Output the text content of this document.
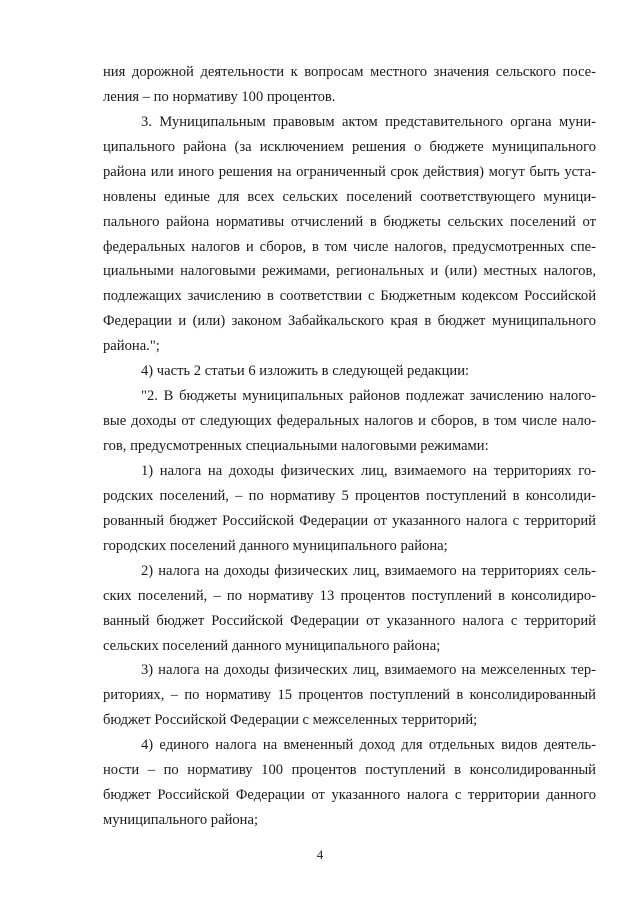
ния дорожной деятельности к вопросам местного значения сельского посе-
ления – по нормативу 100 процентов.
3. Муниципальным правовым актом представительного органа муни-
ципального района (за исключением решения о бюджете муниципального
района или иного решения на ограниченный срок действия) могут быть уста-
новлены единые для всех сельских поселений соответствующего муници-
пального района нормативы отчислений в бюджеты сельских поселений от
федеральных налогов и сборов, в том числе налогов, предусмотренных спе-
циальными налоговыми режимами, региональных и (или) местных налогов,
подлежащих зачислению в соответствии с Бюджетным кодексом Российской
Федерации и (или) законом Забайкальского края в бюджет муниципального
района.";
4) часть 2 статьи 6 изложить в следующей редакции:
"2. В бюджеты муниципальных районов подлежат зачислению налого-
вые доходы от следующих федеральных налогов и сборов, в том числе нало-
гов, предусмотренных специальными налоговыми режимами:
1) налога на доходы физических лиц, взимаемого на территориях го-
родских поселений, – по нормативу 5 процентов поступлений в консолиди-
рованный бюджет Российской Федерации от указанного налога с территорий
городских поселений данного муниципального района;
2) налога на доходы физических лиц, взимаемого на территориях сель-
ских поселений, – по нормативу 13 процентов поступлений в консолидиро-
ванный бюджет Российской Федерации от указанного налога с территорий
сельских поселений данного муниципального района;
3) налога на доходы физических лиц, взимаемого на межселенных тер-
риториях, – по нормативу 15 процентов поступлений в консолидированный
бюджет Российской Федерации с межселенных территорий;
4) единого налога на вмененный доход для отдельных видов деятель-
ности – по нормативу 100 процентов поступлений в консолидированный
4
бюджет Российской Федерации от указанного налога с территории данного
муниципального района;
